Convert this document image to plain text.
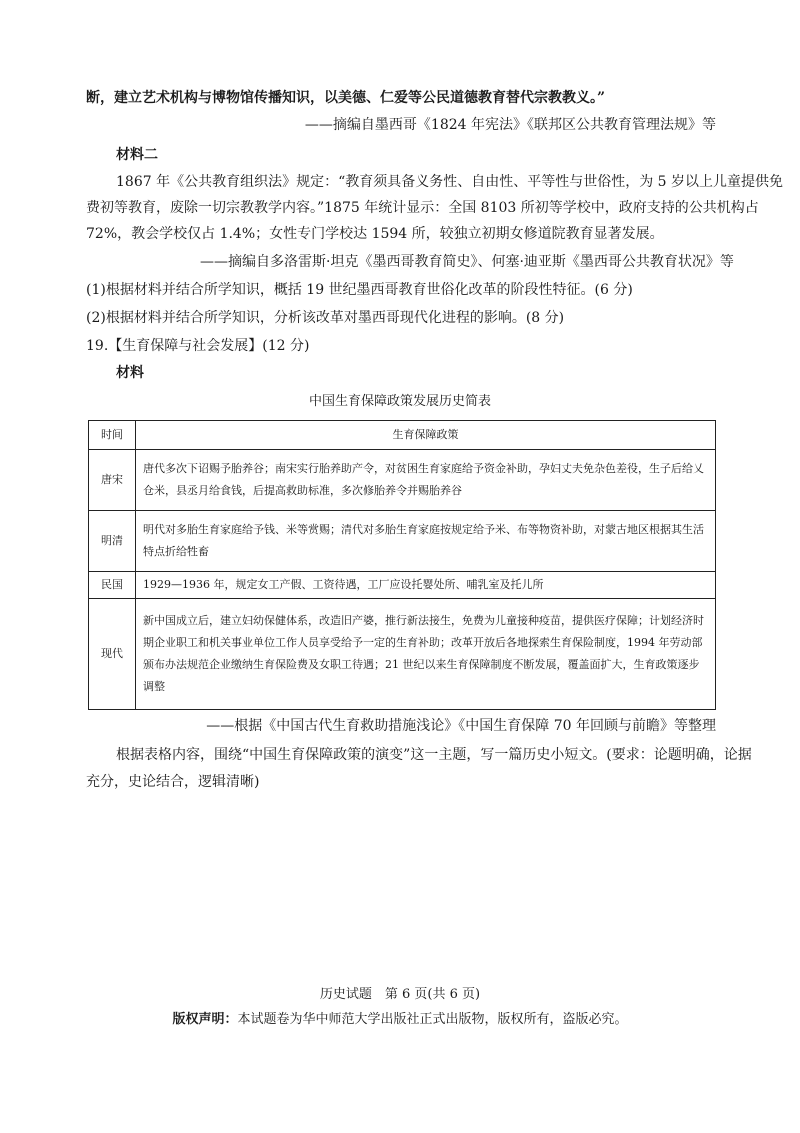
断，建立艺术机构与博物馆传播知识，以美德、仁爱等公民道德教育替代宗教教义。”
——摘编自墨西哥《1824 年宪法》《联邦区公共教育管理法规》等
材料二
1867 年《公共教育组织法》规定：“教育须具备义务性、自由性、平等性与世俗性，为 5 岁以上儿童提供免
费初等教育，废除一切宗教教学内容。”1875 年统计显示：全国 8103 所初等学校中，政府支持的公共机构占
72%，教会学校仅占 1.4%；女性专门学校达 1594 所，较独立初期女修道院教育显著发展。
——摘编自多洛雷斯·坦克《墨西哥教育简史》、何塞·迪亚斯《墨西哥公共教育状况》等
(1)根据材料并结合所学知识，概括 19 世纪墨西哥教育世俗化改革的阶段性特征。(6 分)
(2)根据材料并结合所学知识，分析该改革对墨西哥现代化进程的影响。(8 分)
19.【生育保障与社会发展】(12 分)
材料
中国生育保障政策发展历史简表
时间	生育保障政策
唐宋	唐代多次下诏赐予胎养谷；南宋实行胎养助产令，对贫困生育家庭给予资金补助，孕妇丈夫免杂色差役，生子后给乂仓米，县丞月给食钱，后提高救助标准，多次修胎养令并赐胎养谷
明清	明代对多胎生育家庭给予钱、米等赏赐；清代对多胎生育家庭按规定给予米、布等物资补助，对蒙古地区根据其生活特点折给牲畜
民国	1929—1936 年，规定女工产假、工资待遇，工厂应设托婴处所、哺乳室及托儿所
现代	新中国成立后，建立妇幼保健体系，改造旧产婆，推行新法接生，免费为儿童接种疫苗，提供医疗保障；计划经济时期企业职工和机关事业单位工作人员享受给予一定的生育补助；改革开放后各地探索生育保险制度，1994 年劳动部颁布办法规范企业缴纳生育保险费及女职工待遇；21 世纪以来生育保障制度不断发展，覆盖面扩大，生育政策逐步调整
——根据《中国古代生育救助措施浅论》《中国生育保障 70 年回顾与前瞻》等整理
根据表格内容，围绕“中国生育保障政策的演变”这一主题，写一篇历史小短文。(要求：论题明确，论据
充分，史论结合，逻辑清晰)
历史试题　第 6 页(共 6 页)
版权声明：本试题卷为华中师范大学出版社正式出版物，版权所有，盗版必究。
